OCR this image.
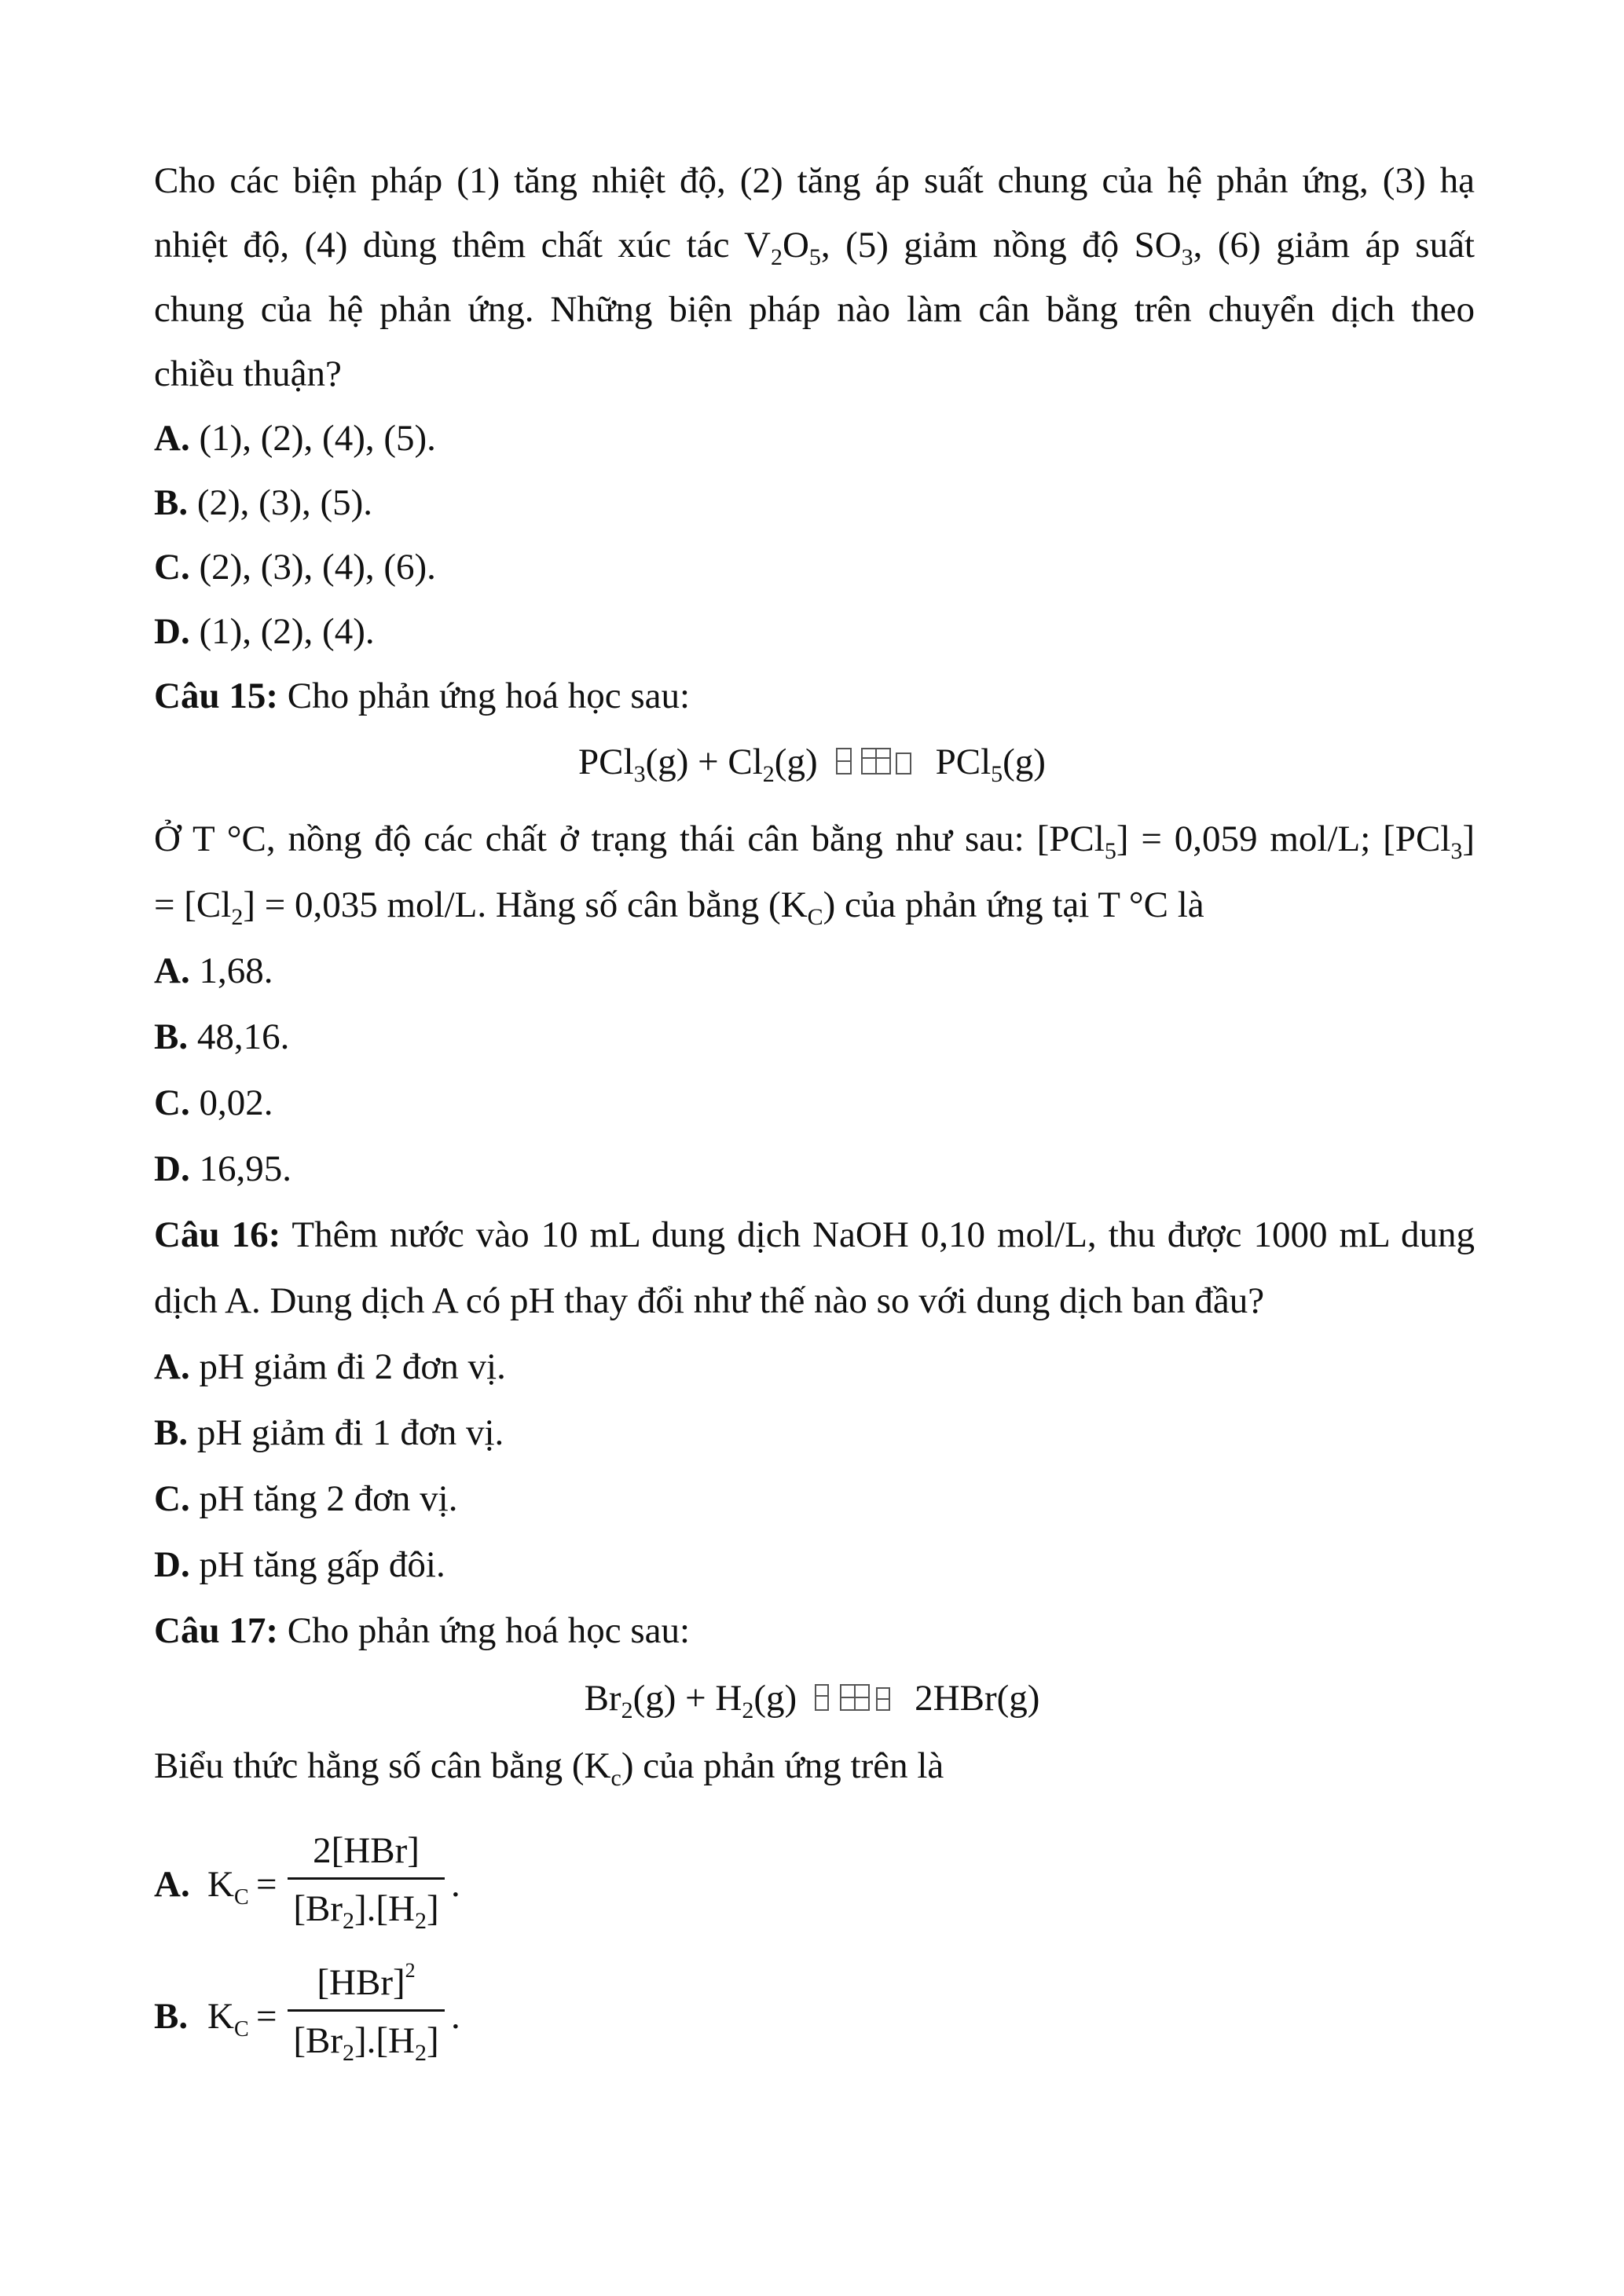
Cho các biện pháp (1) tăng nhiệt độ, (2) tăng áp suất chung của hệ phản ứng, (3) hạ
nhiệt độ, (4) dùng thêm chất xúc tác $V_2O_5$, (5) giảm nồng độ $SO_3$, (6) giảm áp suất
chung của hệ phản ứng. Những biện pháp nào làm cân bằng trên chuyển dịch theo
chiều thuận?
A. (1), (2), (4), (5).
B. (2), (3), (5).
C. (2), (3), (4), (6).
D. (1), (2), (4).
Câu 15: Cho phản ứng hoá học sau:
$PCl_3(g) + Cl_2(g)$	PCl$_5$(g)
Ở T °C, nồng độ các chất ở trạng thái cân bằng như sau: [PCl$_5$] = 0,059 mol/L; [PCl$_3$]
= $[Cl_2] = 0,035$ mol/L. Hằng số cân bằng $(K_C)$ của phản ứng tại T °C là
A. 1,68.
B. 48,16.
C. 0,02.
D. 16,95.
Câu 16: Thêm nước vào 10 mL dung dịch NaOH 0,10 mol/L, thu được 1000 mL dung
dịch A. Dung dịch A có pH thay đổi như thế nào so với dung dịch ban đầu?
A. pH giảm đi 2 đơn vị.
B. pH giảm đi 1 đơn vị.
C. pH tăng 2 đơn vị.
D. pH tăng gấp đôi.
Câu 17: Cho phản ứng hoá học sau:
$Br_2(g) + H_2(g)$	2HBr(g)
Biểu thức hằng số cân bằng $(K_c)$ của phản ứng trên là
A. $K_C$ =
2[HBr]
$[Br_2].[H_2]$
.
B. $K_C$ =
[HBr]$^2$
$[Br_2].[H_2]$
.
